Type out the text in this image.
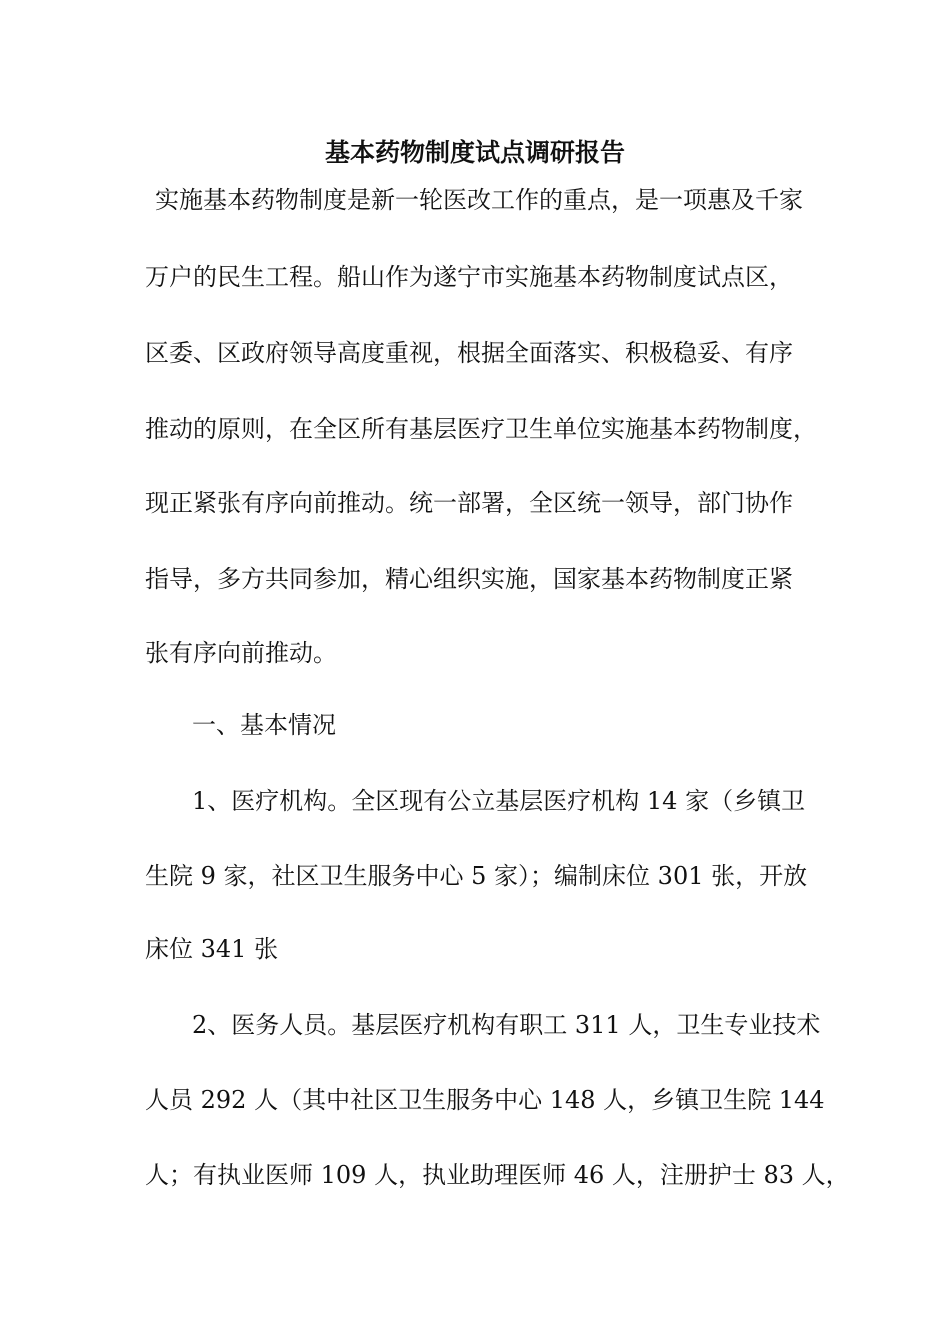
基本药物制度试点调研报告
实施基本药物制度是新一轮医改工作的重点，是一项惠及千家
万户的民生工程。船山作为遂宁市实施基本药物制度试点区，
区委、区政府领导高度重视，根据全面落实、积极稳妥、有序
推动的原则，在全区所有基层医疗卫生单位实施基本药物制度，
现正紧张有序向前推动。统一部署，全区统一领导，部门协作
指导，多方共同参加，精心组织实施，国家基本药物制度正紧
张有序向前推动。
一、基本情况
1、医疗机构。全区现有公立基层医疗机构 14 家（乡镇卫
生院 9 家，社区卫生服务中心 5 家）；编制床位 301 张，开放
床位 341 张
2、医务人员。基层医疗机构有职工 311 人，卫生专业技术
人员 292 人（其中社区卫生服务中心 148 人，乡镇卫生院 144
人；有执业医师 109 人，执业助理医师 46 人，注册护士 83 人，
